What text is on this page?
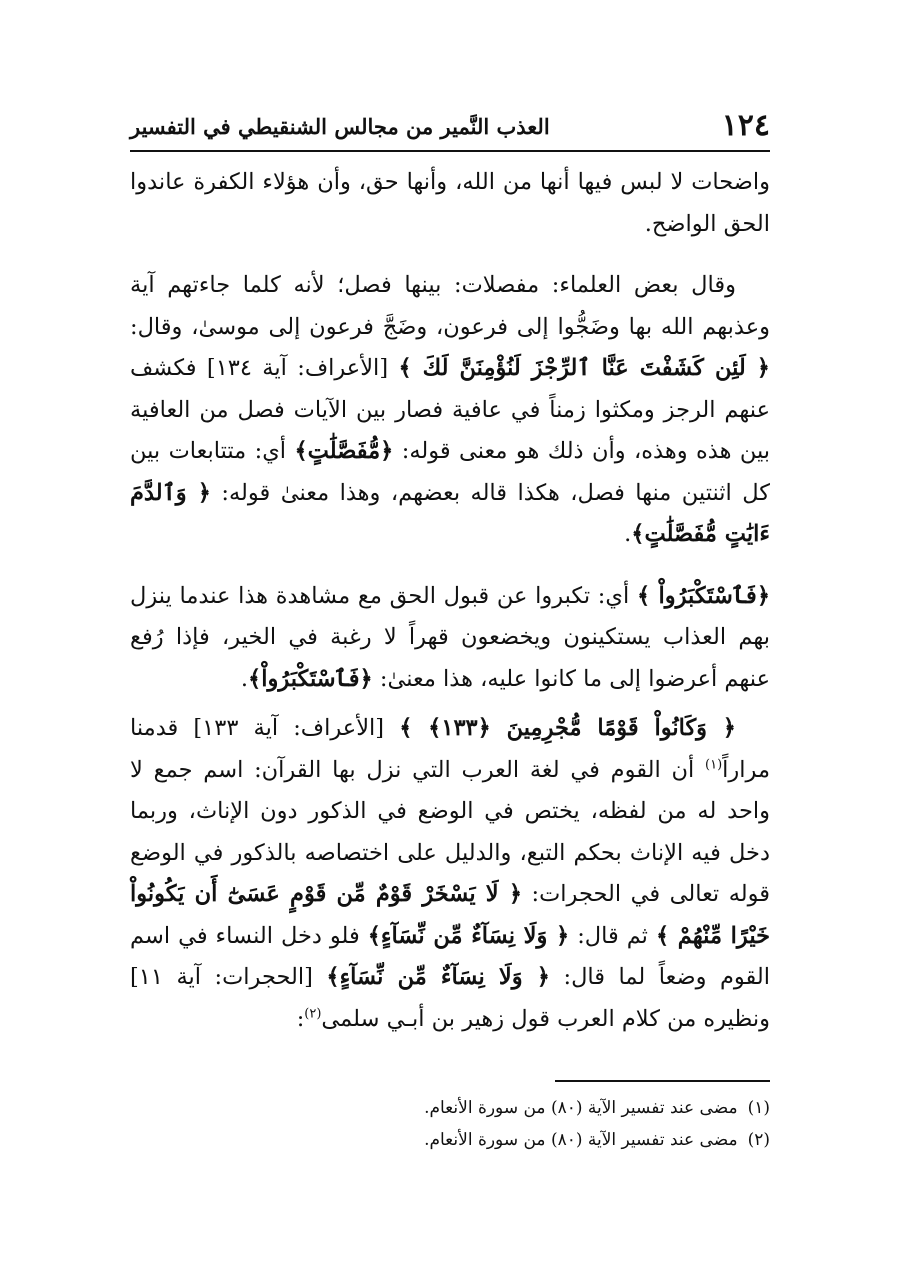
١٢٤
العذب النَّمير من مجالس الشنقيطي في التفسير

واضحات لا لبس فيها أنها من الله، وأنها حق، وأن هؤلاء الكفرة عاندوا الحق الواضح.

وقال بعض العلماء: مفصلات: بينها فصل؛ لأنه كلما جاءتهم آية وعذبهم الله بها وضَجُّوا إلى فرعون، وضَجَّ فرعون إلى موسىٰ، وقال: ﴿ لَئِن كَشَفْتَ عَنَّا ٱلرِّجْزَ لَنُؤْمِنَنَّ لَكَ ﴾ [الأعراف: آية ١٣٤] فكشف عنهم الرجز ومكثوا زمناً في عافية فصار بين الآيات فصل من العافية بين هذه وهذه، وأن ذلك هو معنى قوله: ﴿مُّفَصَّلَٰتٍ﴾ أي: متتابعات بين كل اثنتين منها فصل، هكذا قاله بعضهم، وهذا معنىٰ قوله: ﴿ وَٱلدَّمَ ءَايَٰتٍ مُّفَصَّلَٰتٍ﴾.

﴿فَٱسْتَكْبَرُواْ ﴾ أي: تكبروا عن قبول الحق مع مشاهدة هذا عندما ينزل بهم العذاب يستكينون ويخضعون قهراً لا رغبة في الخير، فإذا رُفع عنهم أعرضوا إلى ما كانوا عليه، هذا معنىٰ: ﴿فَٱسْتَكْبَرُواْ﴾.

﴿ وَكَانُواْ قَوْمًا مُّجْرِمِينَ ﴿١٣٣﴾ ﴾ [الأعراف: آية ١٣٣] قدمنا مراراً$^{(١)}$ أن القوم في لغة العرب التي نزل بها القرآن: اسم جمع لا واحد له من لفظه، يختص في الوضع في الذكور دون الإناث، وربما دخل فيه الإناث بحكم التبع، والدليل على اختصاصه بالذكور في الوضع قوله تعالى في الحجرات: ﴿ لَا يَسْخَرْ قَوْمٌ مِّن قَوْمٍ عَسَىٰٓ أَن يَكُونُواْ خَيْرًا مِّنْهُمْ ﴾ ثم قال: ﴿ وَلَا نِسَآءٌ مِّن نِّسَآءٍ﴾ فلو دخل النساء في اسم القوم وضعاً لما قال: ﴿ وَلَا نِسَآءٌ مِّن نِّسَآءٍ﴾ [الحجرات: آية ١١] ونظيره من كلام العرب قول زهير بن أبـي سلمى$^{(٢)}$:

(١)مضى عند تفسير الآية (٨٠) من سورة الأنعام.

(٢)مضى عند تفسير الآية (٨٠) من سورة الأنعام.
